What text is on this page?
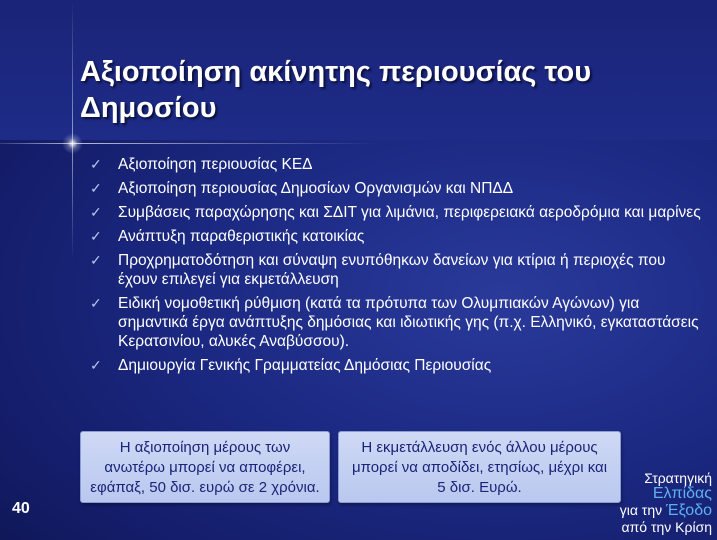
Αξιοποίηση ακίνητης περιουσίας του Δημοσίου
✓ Αξιοποίηση περιουσίας ΚΕΔ
✓ Αξιοποίηση περιουσίας Δημοσίων Οργανισμών και ΝΠΔΔ
✓ Συμβάσεις παραχώρησης και ΣΔΙΤ για λιμάνια, περιφερειακά αεροδρόμια και μαρίνες
✓ Ανάπτυξη παραθεριστικής κατοικίας
✓ Προχρηματοδότηση και σύναψη ενυπόθηκων δανείων για κτίρια ή περιοχές που έχουν επιλεγεί για εκμετάλλευση
✓ Ειδική νομοθετική ρύθμιση (κατά τα πρότυπα των Ολυμπιακών Αγώνων) για σημαντικά έργα ανάπτυξης δημόσιας και ιδιωτικής γης (π.χ. Ελληνικό, εγκαταστάσεις Κερατσινίου, αλυκές Αναβύσσου).
✓ Δημιουργία Γενικής Γραμματείας Δημόσιας Περιουσίας
Η αξιοποίηση μέρους των ανωτέρω μπορεί να αποφέρει, εφάπαξ, 50 δισ. ευρώ σε 2 χρόνια.
Η εκμετάλλευση ενός άλλου μέρους μπορεί να αποδίδει, ετησίως, μέχρι και 5 δισ. Ευρώ.
40
Στρατηγική
Ελπίδας
για την Έξοδο
από την Κρίση
